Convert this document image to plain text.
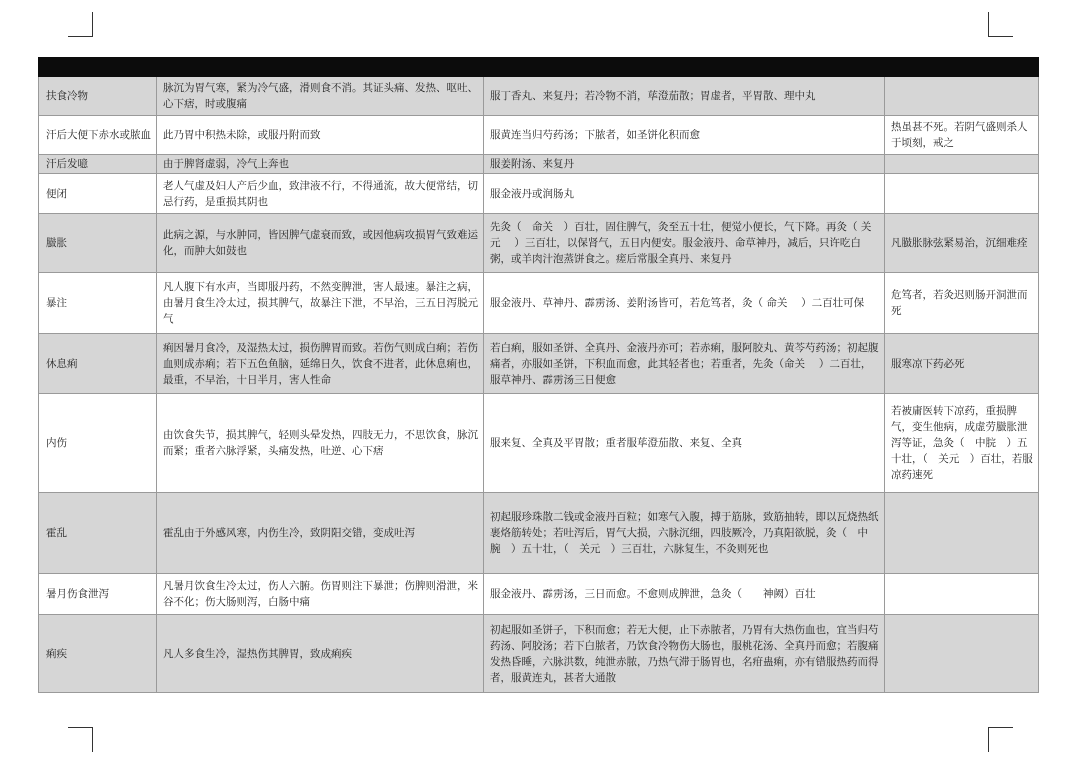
扶食冷物	脉沉为胃气寒，紧为冷气盛，滑则食不消。其证头痛、发热、呕吐、心下痞，时或腹痛	服丁香丸、来复丹；若冷物不消，荜澄茄散；胃虚者，平胃散、理中丸	
汗后大便下赤水或脓血	此乃胃中积热未除，或服丹附而致	服黄连当归芍药汤；下脓者，如圣饼化积而愈	热虽甚不死。若阴气盛则杀人于顷刻，戒之
汗后发噫	由于脾肾虚弱，冷气上奔也	服姜附汤、来复丹	
便闭	老人气虚及妇人产后少血，致津液不行，不得通流，故大便常结，切忌行药，是重损其阴也	服金液丹或润肠丸	
臌胀	此病之源，与水肿同，皆因脾气虚衰而致，或因他病攻损胃气致难运化，而肿大如鼓也	先灸（　命关　）百壮，固住脾气，灸至五十壮，便觉小便长，气下降。再灸（ 关元　 ）三百壮，以保肾气，五日内便安。服金液丹、命草神丹，减后，只许吃白粥，或羊肉汁泡蒸饼食之。瘥后常服全真丹、来复丹	凡臌胀脉弦紧易治，沉细难痊
暴注	凡人腹下有水声，当即服丹药，不然变脾泄，害人最速。暴注之病，由暑月食生冷太过，损其脾气，故暴注下泄，不早治，三五日泻脱元气	服金液丹、草神丹、霹雳汤、姜附汤皆可，若危笃者，灸（ 命关　 ）二百壮可保	危笃者，若灸迟则肠开洞泄而死
休息痢	痢因暑月食冷，及湿热太过，损伤脾胃而致。若伤气则成白痢；若伤血则成赤痢；若下五色鱼脑，延绵日久，饮食不进者，此休息痢也，最重，不早治，十日半月，害人性命	若白痢，服如圣饼、全真丹、金液丹亦可；若赤痢，服阿胶丸、黄芩芍药汤；初起腹痛者，亦服如圣饼，下积血而愈，此其轻者也；若重者，先灸（命关　 ）二百壮，服草神丹、霹雳汤三日便愈	服寒凉下药必死
内伤	由饮食失节，损其脾气，轻则头晕发热，四肢无力，不思饮食，脉沉而紧；重者六脉浮紧，头痛发热，吐逆、心下痞	服来复、全真及平胃散；重者服荜澄茄散、来复、全真	若被庸医转下凉药，重损脾气，变生他病，成虚劳臌胀泄泻等证，急灸（　中脘　）五十壮，（　关元　）百壮，若服凉药速死
霍乱	霍乱由于外感风寒，内伤生冷，致阴阳交错，变成吐泻	初起服珍珠散二钱或金液丹百粒；如寒气入腹，搏于筋脉，致筋抽转，即以瓦烧热纸裹烙筋转处；若吐泻后，胃气大损，六脉沉细，四肢厥冷，乃真阳欲脱，灸（　中腕　）五十壮，（　关元　）三百壮，六脉复生，不灸则死也	
暑月伤食泄泻	凡暑月饮食生冷太过，伤人六腑。伤胃则注下暴泄；伤脾则滑泄，米谷不化；伤大肠则泻，白肠中痛	服金液丹、霹雳汤，三日而愈。不愈则成脾泄，急灸（　　神阙）百壮	
痢疾	凡人多食生冷，湿热伤其脾胃，致成痢疾	初起服如圣饼子，下积而愈；若无大便，止下赤脓者，乃胃有大热伤血也，宜当归芍药汤、阿胶汤；若下白脓者，乃饮食冷物伤大肠也，服桃花汤、全真丹而愈；若腹痛发热昏睡，六脉洪数，纯泄赤脓，乃热气滞于肠胃也，名疳蛊痢，亦有错服热药而得者，服黄连丸，甚者大通散	
